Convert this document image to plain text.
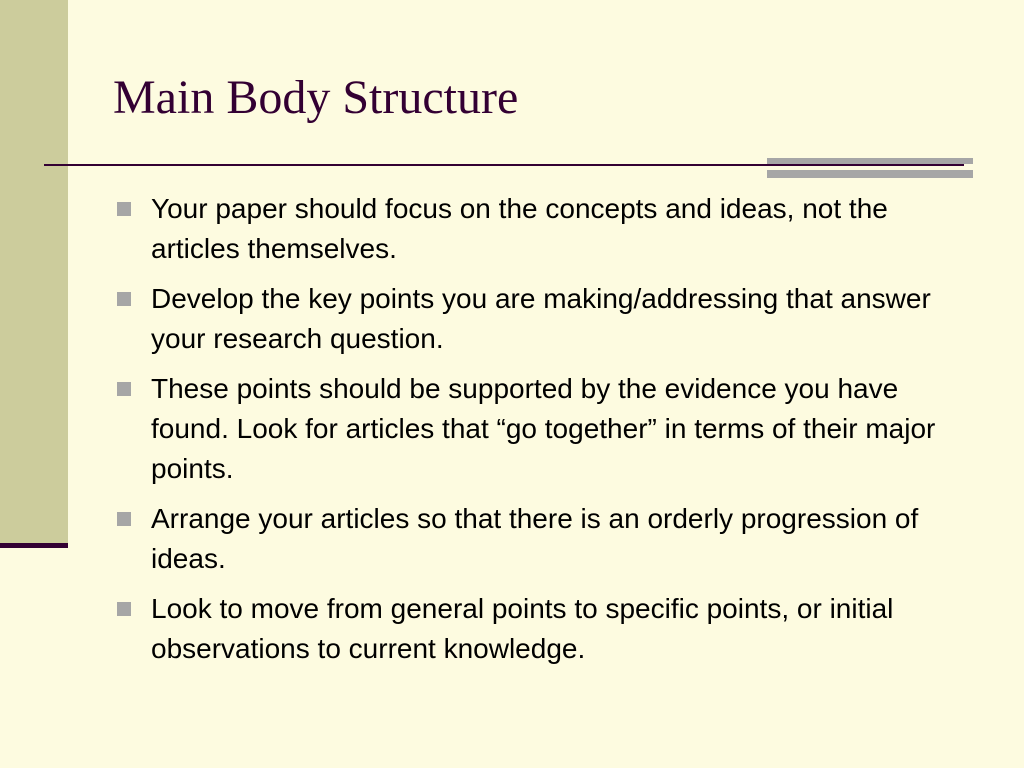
Main Body Structure
Your paper should focus on the concepts and ideas, not the articles themselves.
Develop the key points you are making/addressing that answer your research question.
These points should be supported by the evidence you have found. Look for articles that “go together” in terms of their major points.
Arrange your articles so that there is an orderly progression of ideas.
Look to move from general points to specific points, or initial observations to current knowledge.
